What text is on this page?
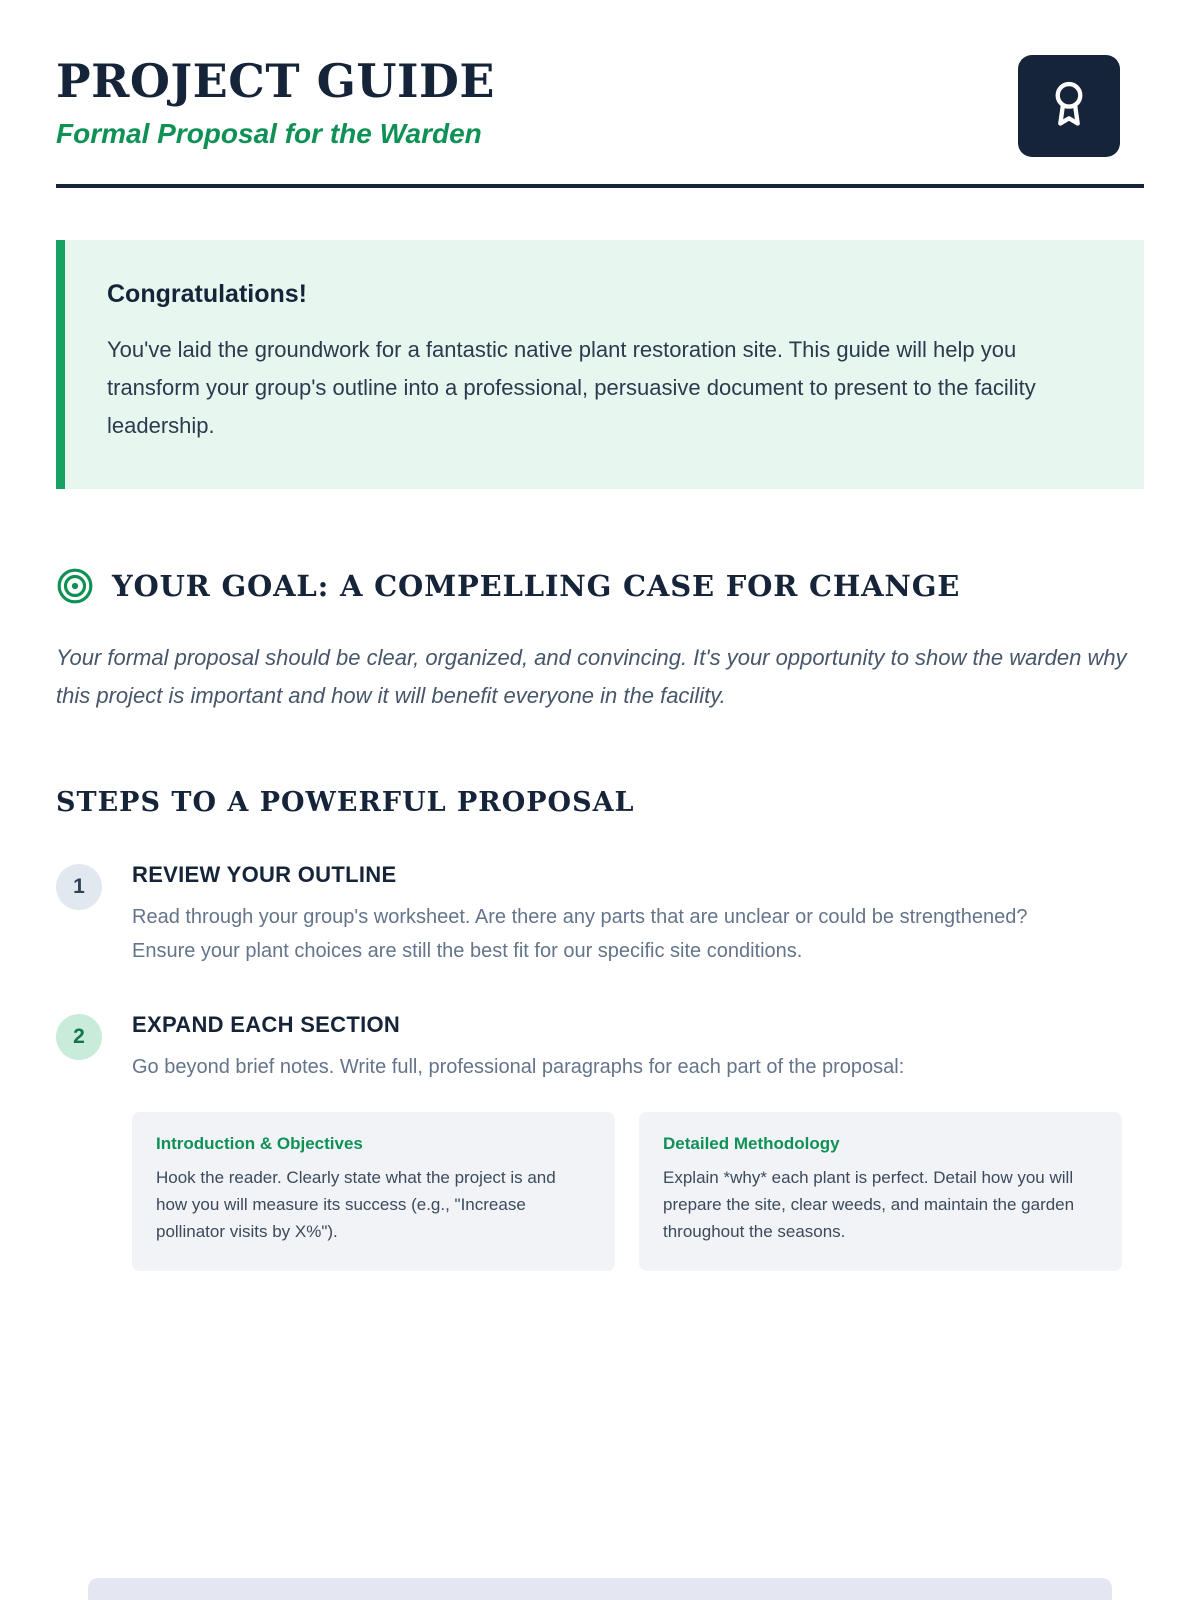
PROJECT GUIDE
Formal Proposal for the Warden
Congratulations!
You've laid the groundwork for a fantastic native plant restoration site. This guide will help you transform your group's outline into a professional, persuasive document to present to the facility leadership.
YOUR GOAL: A COMPELLING CASE FOR CHANGE
Your formal proposal should be clear, organized, and convincing. It's your opportunity to show the warden why this project is important and how it will benefit everyone in the facility.
STEPS TO A POWERFUL PROPOSAL
1	REVIEW YOUR OUTLINE
Read through your group's worksheet. Are there any parts that are unclear or could be strengthened? Ensure your plant choices are still the best fit for our specific site conditions.
2	EXPAND EACH SECTION
Go beyond brief notes. Write full, professional paragraphs for each part of the proposal:
Introduction & Objectives
Hook the reader. Clearly state what the project is and how you will measure its success (e.g., "Increase pollinator visits by X%").
Detailed Methodology
Explain *why* each plant is perfect. Detail how you will prepare the site, clear weeds, and maintain the garden throughout the seasons.
